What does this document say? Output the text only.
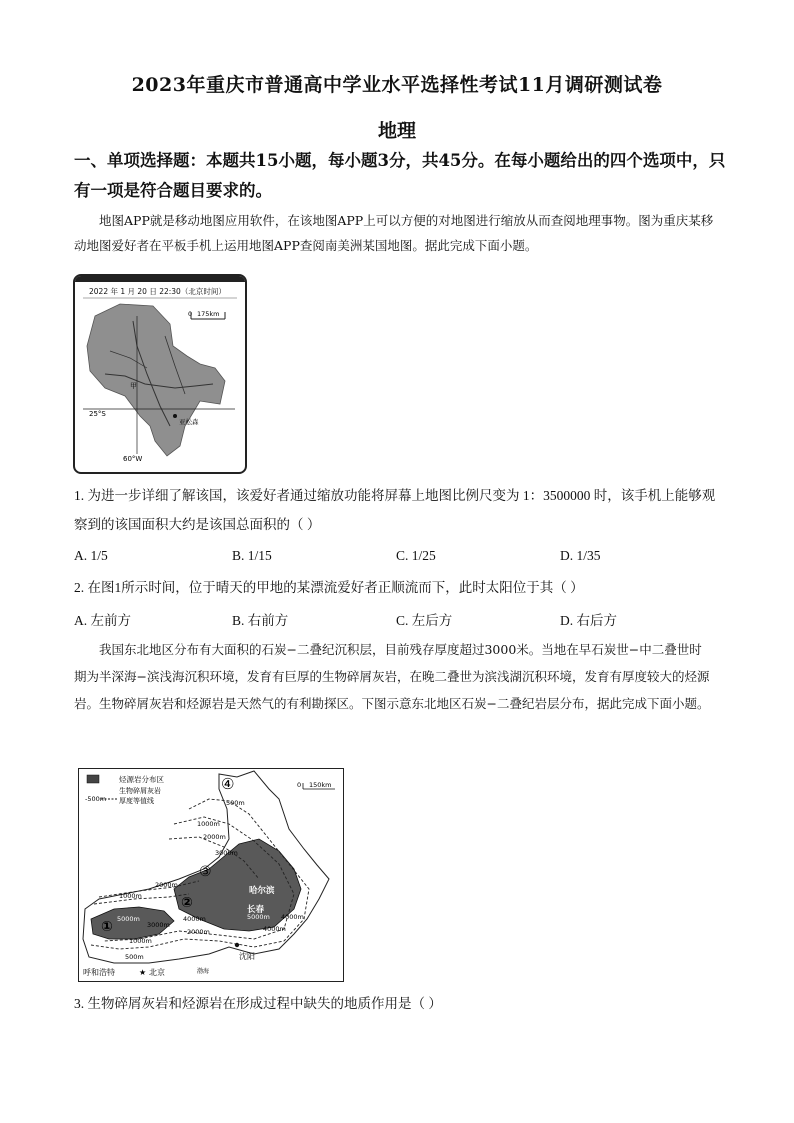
2023年重庆市普通高中学业水平选择性考试11月调研测试卷
地理
一、单项选择题：本题共15小题，每小题3分，共45分。在每小题给出的四个选项中，只有一项是符合题目要求的。
地图APP就是移动地图应用软件，在该地图APP上可以方便的对地图进行缩放从而查阅地理事物。图为重庆某移动地图爱好者在平板手机上运用地图APP查阅南美洲某国地图。据此完成下面小题。
2022 年 1 月 20 日 22:30（北京时间）
0 175km
25°S
60°W
甲
亚松森
1. 为进一步详细了解该国，该爱好者通过缩放功能将屏幕上地图比例尺变为 1：3500000 时，该手机上能够观察到的该国面积大约是该国总面积的（ ）
A. 1/5	B. 1/15	C. 1/25	D. 1/35
2. 在图1所示时间，位于晴天的甲地的某漂流爱好者正顺流而下，此时太阳位于其（ ）
A. 左前方	B. 右前方	C. 左后方	D. 右后方
我国东北地区分布有大面积的石炭−二叠纪沉积层，目前残存厚度超过3000米。当地在早石炭世−中二叠世时期为半深海−滨浅海沉积环境，发育有巨厚的生物碎屑灰岩，在晚二叠世为滨浅湖沉积环境，发育有厚度较大的烃源岩。生物碎屑灰岩和烃源岩是天然气的有利勘探区。下图示意东北地区石炭−二叠纪岩层分布，据此完成下面小题。
烃源岩分布区
-500m
生物碎屑灰岩
厚度等值线
0 150km
500m
1000m
2000m
3000m
2000m
1000m
5000m
3000m
4000m
1000m
2000m
500m
5000m
4000m
4000m
①
②
③
④
哈尔滨
长春
沈阳
呼和浩特	★ 北京	渤海
3. 生物碎屑灰岩和烃源岩在形成过程中缺失的地质作用是（ ）
